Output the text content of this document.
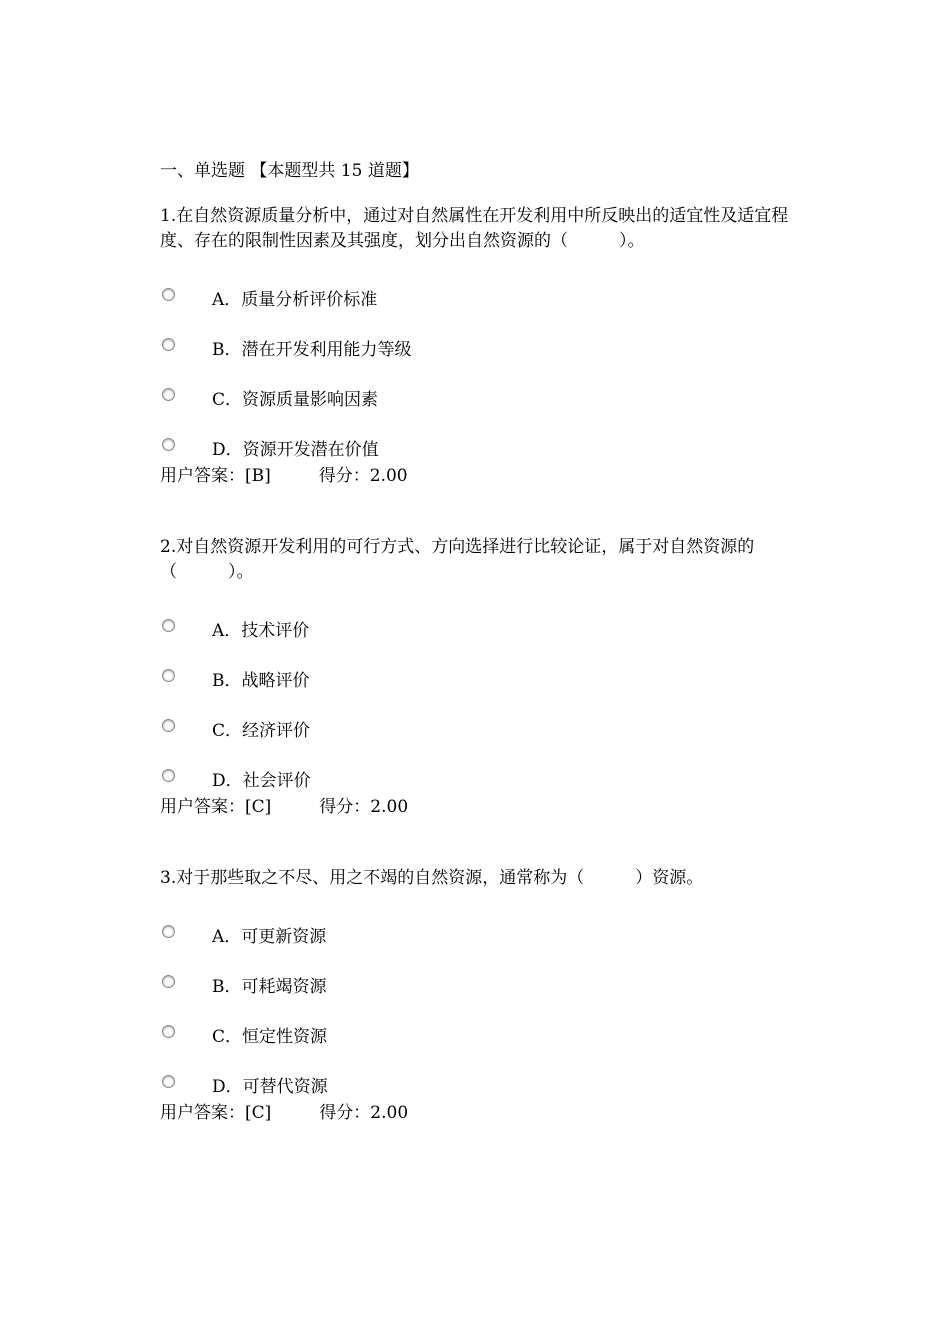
一、单选题 【本题型共 15 道题】
1.在自然资源质量分析中，通过对自然属性在开发利用中所反映出的适宜性及适宜程度、存在的限制性因素及其强度，划分出自然资源的（　　　）。
A．质量分析评价标准
B．潜在开发利用能力等级
C．资源质量影响因素
D．资源开发潜在价值
用户答案：[B]	得分：2.00
2.对自然资源开发利用的可行方式、方向选择进行比较论证，属于对自然资源的（　　　）。
A．技术评价
B．战略评价
C．经济评价
D．社会评价
用户答案：[C]	得分：2.00
3.对于那些取之不尽、用之不竭的自然资源，通常称为（　　　）资源。
A．可更新资源
B．可耗竭资源
C．恒定性资源
D．可替代资源
用户答案：[C]	得分：2.00
